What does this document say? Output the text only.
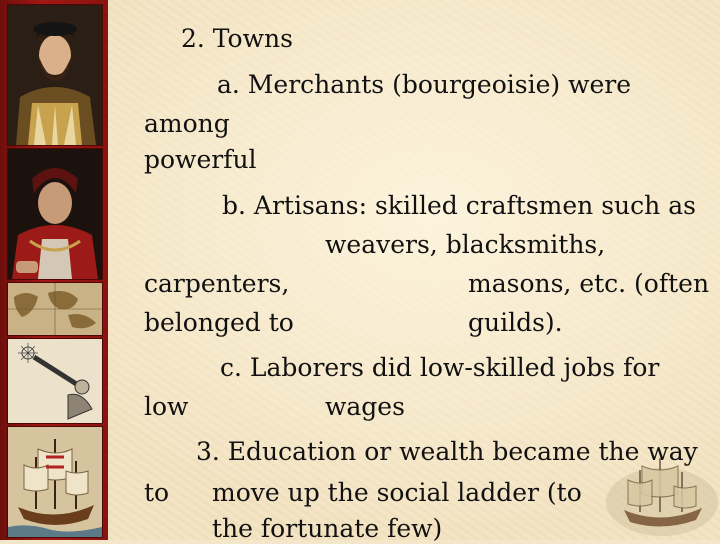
2. Towns
a. Merchants (bourgeoisie) were
among
powerful
b. Artisans: skilled craftsmen such as
weavers, blacksmiths,
carpenters,	masons, etc. (often
belonged to	guilds).
c. Laborers did low-skilled jobs for
low	wages
3. Education or wealth became the way
to move up the social ladder (to
the fortunate few)
